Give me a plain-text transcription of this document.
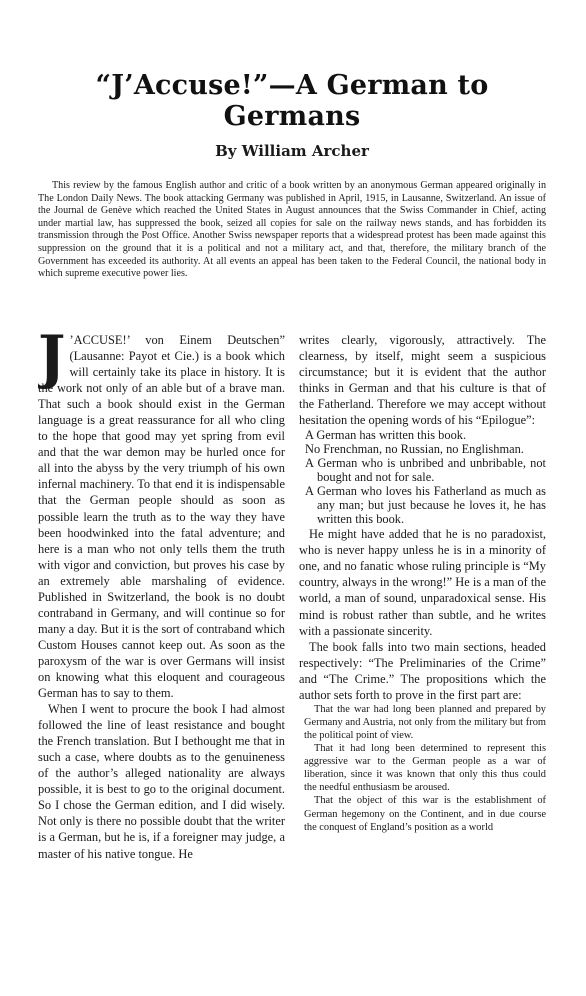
“J’Accuse!”—A German to Germans
By William Archer
This review by the famous English author and critic of a book written by an anonymous German appeared originally in The London Daily News. The book attacking Germany was published in April, 1915, in Lausanne, Switzerland. An issue of the Journal de Genève which reached the United States in August announces that the Swiss Commander in Chief, acting under martial law, has suppressed the book, seized all copies for sale on the railway news stands, and has forbidden its transmission through the Post Office. Another Swiss newspaper reports that a widespread protest has been made against this suppression on the ground that it is a political and not a military act, and that, therefore, the military branch of the Government has exceeded its authority. At all events an appeal has been taken to the Federal Council, the national body in which supreme executive power lies.

J ’ACCUSE!’ von Einem Deutschen” (Lausanne: Payot et Cie.) is a book which will certainly take its place in history. It is the work not only of an able but of a brave man. That such a book should exist in the German language is a great reassurance for all who cling to the hope that good may yet spring from evil and that the war demon may be hurled once for all into the abyss by the very triumph of his own infernal machinery. To that end it is indispensable that the German people should as soon as possible learn the truth as to the way they have been hoodwinked into the fatal adventure; and here is a man who not only tells them the truth with vigor and conviction, but proves his case by an extremely able marshaling of evidence. Published in Switzerland, the book is no doubt contraband in Germany, and will continue so for many a day. But it is the sort of contraband which Custom Houses cannot keep out. As soon as the paroxysm of the war is over Germans will insist on knowing what this eloquent and courageous German has to say to them.

When I went to procure the book I had almost followed the line of least resistance and bought the French translation. But I bethought me that in such a case, where doubts as to the genuineness of the author’s alleged nationality are always possible, it is best to go to the original document. So I chose the German edition, and I did wisely. Not only is there no possible doubt that the writer is a German, but he is, if a foreigner may judge, a master of his native tongue. He

writes clearly, vigorously, attractively. The clearness, by itself, might seem a suspicious circumstance; but it is evident that the author thinks in German and that his culture is that of the Fatherland. Therefore we may accept without hesitation the opening words of his “Epilogue”:

A German has written this book.

No Frenchman, no Russian, no Englishman.

A German who is unbribed and unbribable, not bought and not for sale.

A German who loves his Fatherland as much as any man; but just because he loves it, he has written this book.

He might have added that he is no paradoxist, who is never happy unless he is in a minority of one, and no fanatic whose ruling principle is “My country, always in the wrong!” He is a man of the world, a man of sound, unparadoxical sense. His mind is robust rather than subtle, and he writes with a passionate sincerity.

The book falls into two main sections, headed respectively: “The Preliminaries of the Crime” and “The Crime.” The propositions which the author sets forth to prove in the first part are:

That the war had long been planned and prepared by Germany and Austria, not only from the military but from the political point of view.

That it had long been determined to represent this aggressive war to the German people as a war of liberation, since it was known that only this thus could the needful enthusiasm be aroused.

That the object of this war is the establishment of German hegemony on the Continent, and in due course the conquest of England’s position as a world
